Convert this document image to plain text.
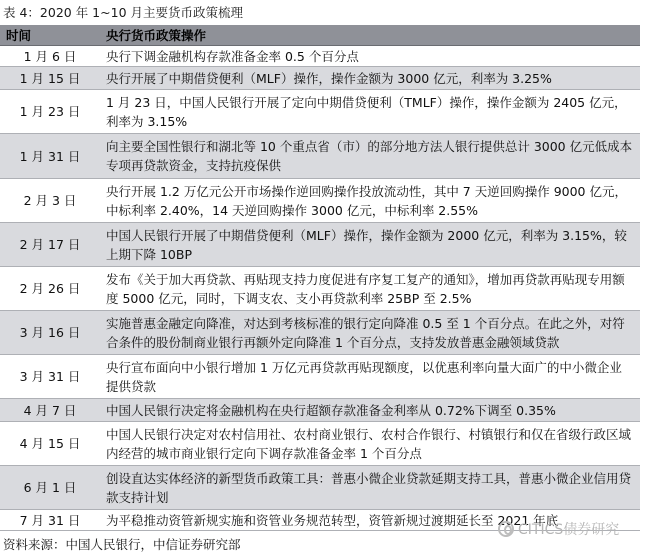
表 4：2020 年 1~10 月主要货币政策梳理
时间	央行货币政策操作
1 月 6 日	央行下调金融机构存款准备金率 0.5 个百分点
1 月 15 日	央行开展了中期借贷便利（MLF）操作，操作金额为 3000 亿元，利率为 3.25%
1 月 23 日	1 月 23 日，中国人民银行开展了定向中期借贷便利（TMLF）操作，操作金额为 2405 亿元，利率为 3.15%
1 月 31 日	向主要全国性银行和湖北等 10 个重点省（市）的部分地方法人银行提供总计 3000 亿元低成本专项再贷款资金，支持抗疫保供
2 月 3 日	央行开展 1.2 万亿元公开市场操作逆回购操作投放流动性，其中 7 天逆回购操作 9000 亿元，中标利率 2.40%，14 天逆回购操作 3000 亿元，中标利率 2.55%
2 月 17 日	中国人民银行开展了中期借贷便利（MLF）操作，操作金额为 2000 亿元，利率为 3.15%，较上期下降 10BP
2 月 26 日	发布《关于加大再贷款、再贴现支持力度促进有序复工复产的通知》，增加再贷款再贴现专用额度 5000 亿元，同时，下调支农、支小再贷款利率 25BP 至 2.5%
3 月 16 日	实施普惠金融定向降准，对达到考核标准的银行定向降准 0.5 至 1 个百分点。在此之外，对符合条件的股份制商业银行再额外定向降准 1 个百分点，支持发放普惠金融领域贷款
3 月 31 日	央行宣布面向中小银行增加 1 万亿元再贷款再贴现额度，以优惠利率向量大面广的中小微企业提供贷款
4 月 7 日	中国人民银行决定将金融机构在央行超额存款准备金利率从 0.72%下调至 0.35%
4 月 15 日	中国人民银行决定对农村信用社、农村商业银行、农村合作银行、村镇银行和仅在省级行政区域内经营的城市商业银行定向下调存款准备金率 1 个百分点
6 月 1 日	创设直达实体经济的新型货币政策工具：普惠小微企业贷款延期支持工具，普惠小微企业信用贷款支持计划
7 月 31 日	为平稳推动资管新规实施和资管业务规范转型，资管新规过渡期延长至 2021 年底
资料来源：中国人民银行，中信证券研究部
CITICS债券研究
